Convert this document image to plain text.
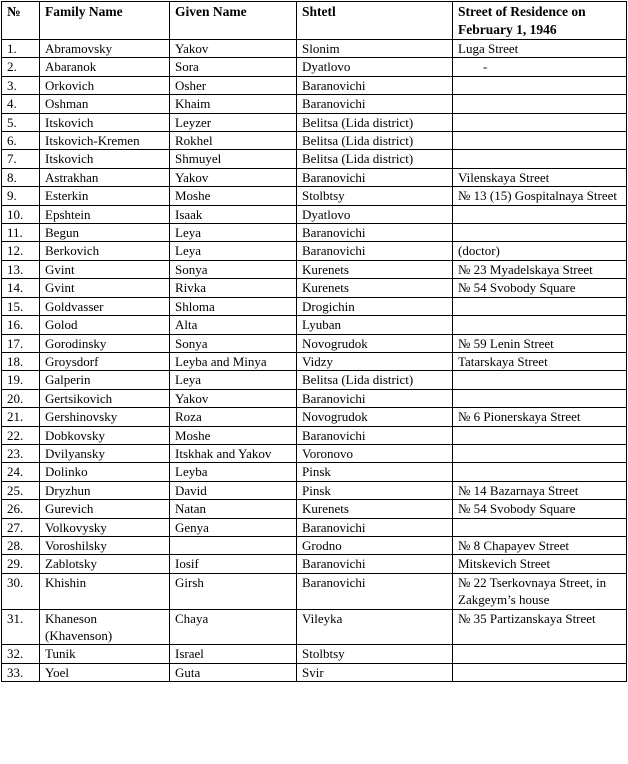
№	Family Name	Given Name	Shtetl	Street of Residence on February 1, 1946
1.	Abramovsky	Yakov	Slonim	Luga Street
2.	Abaranok	Sora	Dyatlovo	-
3.	Orkovich	Osher	Baranovichi	
4.	Oshman	Khaim	Baranovichi	
5.	Itskovich	Leyzer	Belitsa (Lida district)	
6.	Itskovich-Kremen	Rokhel	Belitsa (Lida district)	
7.	Itskovich	Shmuyel	Belitsa (Lida district)	
8.	Astrakhan	Yakov	Baranovichi	Vilenskaya Street
9.	Esterkin	Moshe	Stolbtsy	№ 13 (15) Gospitalnaya Street
10.	Epshtein	Isaak	Dyatlovo	
11.	Begun	Leya	Baranovichi	
12.	Berkovich	Leya	Baranovichi	(doctor)
13.	Gvint	Sonya	Kurenets	№ 23 Myadelskaya Street
14.	Gvint	Rivka	Kurenets	№ 54 Svobody Square
15.	Goldvasser	Shloma	Drogichin	
16.	Golod	Alta	Lyuban	
17.	Gorodinsky	Sonya	Novogrudok	№ 59 Lenin Street
18.	Groysdorf	Leyba and Minya	Vidzy	Tatarskaya Street
19.	Galperin	Leya	Belitsa (Lida district)	
20.	Gertsikovich	Yakov	Baranovichi	
21.	Gershinovsky	Roza	Novogrudok	№ 6 Pionerskaya Street
22.	Dobkovsky	Moshe	Baranovichi	
23.	Dvilyansky	Itskhak and Yakov	Voronovo	
24.	Dolinko	Leyba	Pinsk	
25.	Dryzhun	David	Pinsk	№ 14 Bazarnaya Street
26.	Gurevich	Natan	Kurenets	№ 54 Svobody Square
27.	Volkovysky	Genya	Baranovichi	
28.	Voroshilsky		Grodno	№ 8 Chapayev Street
29.	Zablotsky	Iosif	Baranovichi	Mitskevich Street
30.	Khishin	Girsh	Baranovichi	№ 22 Tserkovnaya Street, in Zakgeym’s house
31.	Khaneson (Khavenson)	Chaya	Vileyka	№ 35 Partizanskaya Street
32.	Tunik	Israel	Stolbtsy	
33.	Yoel	Guta	Svir	
